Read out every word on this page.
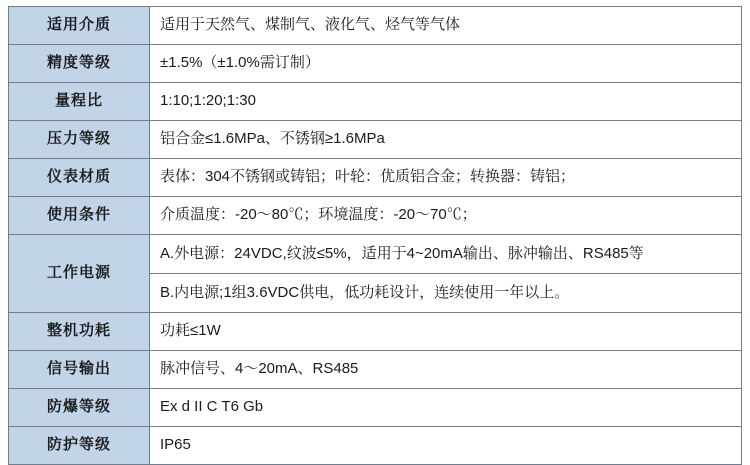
适用介质	适用于天然气、煤制气、液化气、烃气等气体
精度等级	±1.5%（±1.0%需订制）
量程比	1:10;1:20;1:30
压力等级	铝合金≤1.6MPa、不锈钢≥1.6MPa
仪表材质	表体：304不锈钢或铸铝；叶轮：优质铝合金；转换器：铸铝；
使用条件	介质温度：-20～80℃；环境温度：-20～70℃；
工作电源	A.外电源：24VDC,纹波≤5%，适用于4~20mA输出、脉冲输出、RS485等
	B.内电源;1组3.6VDC供电，低功耗设计，连续使用一年以上。
整机功耗	功耗≤1W
信号输出	脉冲信号、4～20mA、RS485
防爆等级	Ex d II C T6 Gb
防护等级	IP65
